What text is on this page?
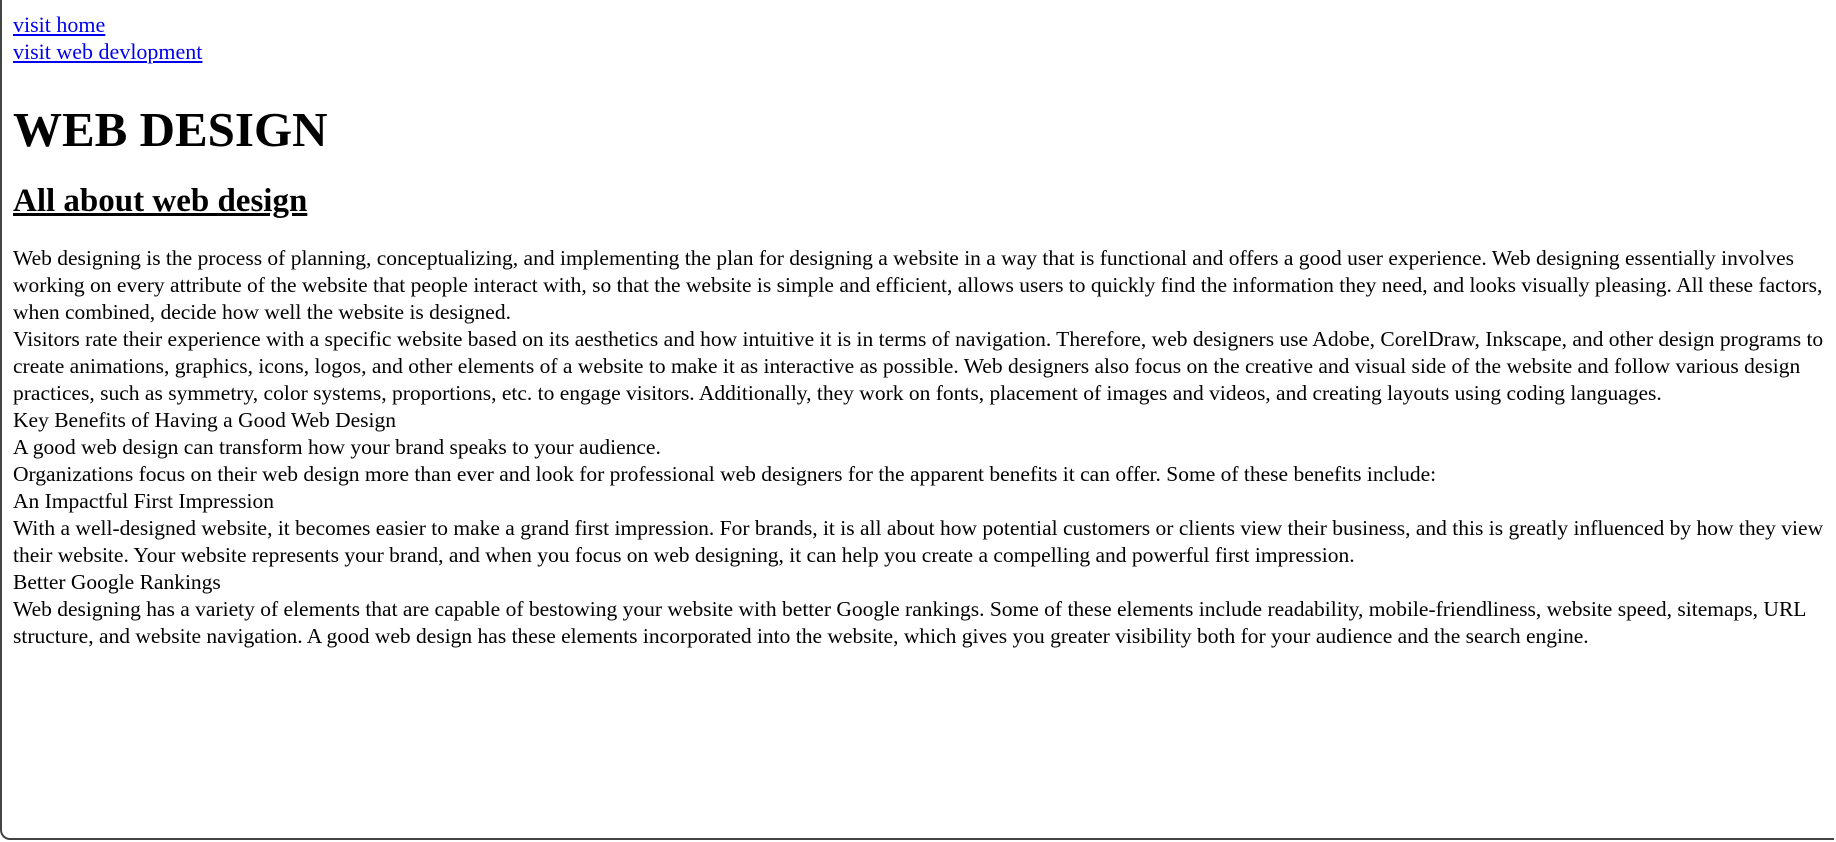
visit home
visit web devlopment
WEB DESIGN
All about web design

Web designing is the process of planning, conceptualizing, and implementing the plan for designing a website in a way that is functional and offers a good user experience. Web designing essentially involves working on every attribute of the website that people interact with, so that the website is simple and efficient, allows users to quickly find the information they need, and looks visually pleasing. All these factors, when combined, decide how well the website is designed.

Visitors rate their experience with a specific website based on its aesthetics and how intuitive it is in terms of navigation. Therefore, web designers use Adobe, CorelDraw, Inkscape, and other design programs to create animations, graphics, icons, logos, and other elements of a website to make it as interactive as possible. Web designers also focus on the creative and visual side of the website and follow various design practices, such as symmetry, color systems, proportions, etc. to engage visitors. Additionally, they work on fonts, placement of images and videos, and creating layouts using coding languages.

Key Benefits of Having a Good Web Design

A good web design can transform how your brand speaks to your audience.

Organizations focus on their web design more than ever and look for professional web designers for the apparent benefits it can offer. Some of these benefits include:

An Impactful First Impression

With a well-designed website, it becomes easier to make a grand first impression. For brands, it is all about how potential customers or clients view their business, and this is greatly influenced by how they view their website. Your website represents your brand, and when you focus on web designing, it can help you create a compelling and powerful first impression.

Better Google Rankings

Web designing has a variety of elements that are capable of bestowing your website with better Google rankings. Some of these elements include readability, mobile-friendliness, website speed, sitemaps, URL structure, and website navigation. A good web design has these elements incorporated into the website, which gives you greater visibility both for your audience and the search engine.
